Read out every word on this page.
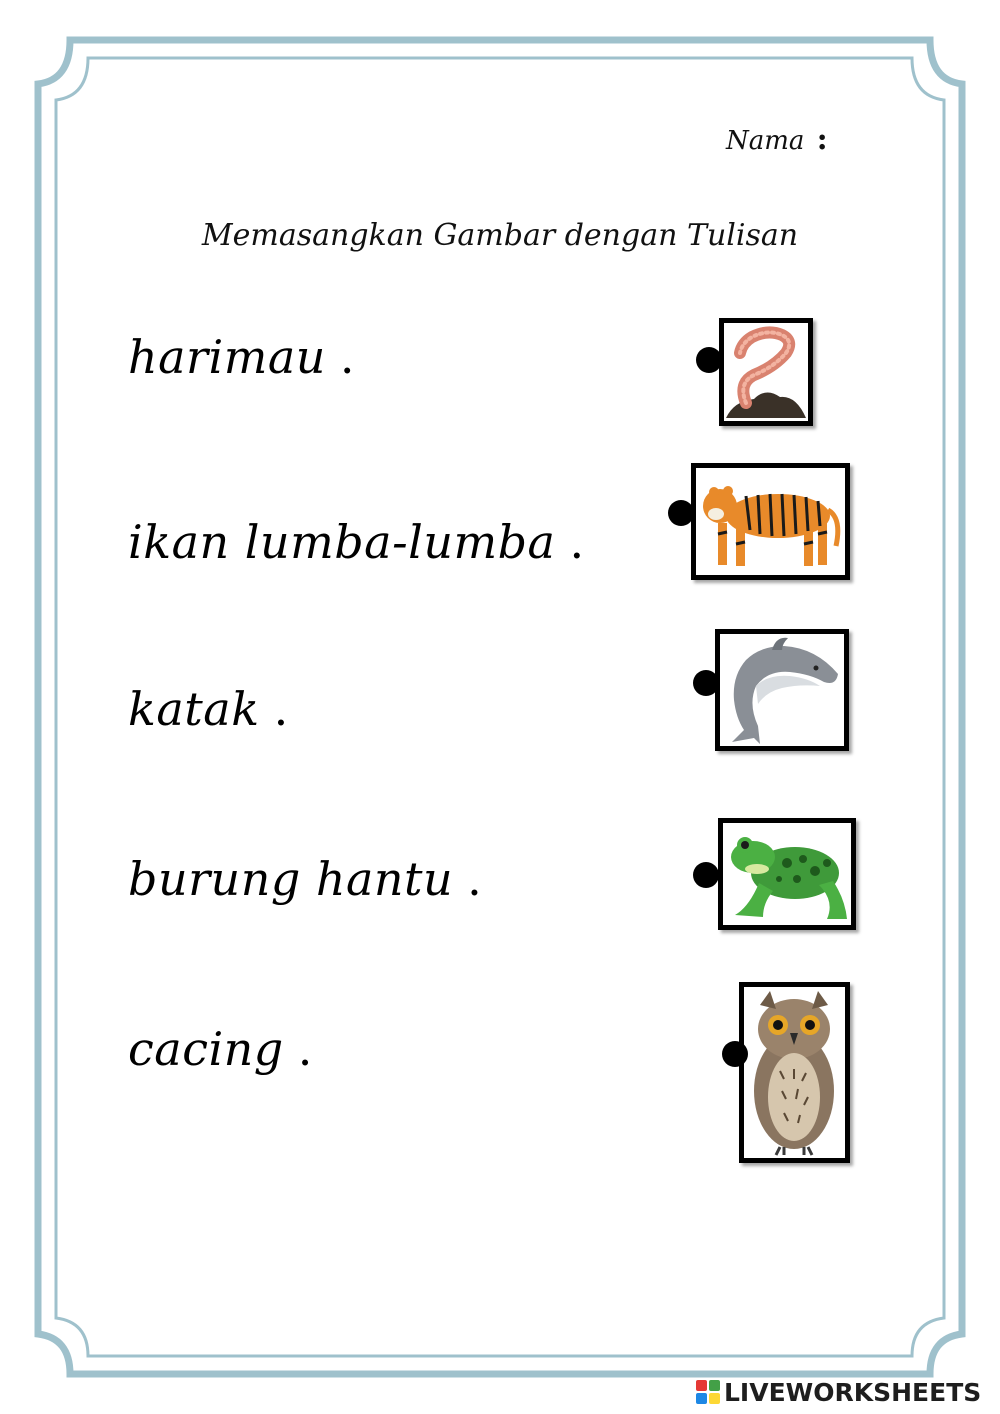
Nama :
Memasangkan Gambar dengan Tulisan
harimau .
ikan lumba-lumba .
katak .
burung hantu .
cacing .
LIVEWORKSHEETS
